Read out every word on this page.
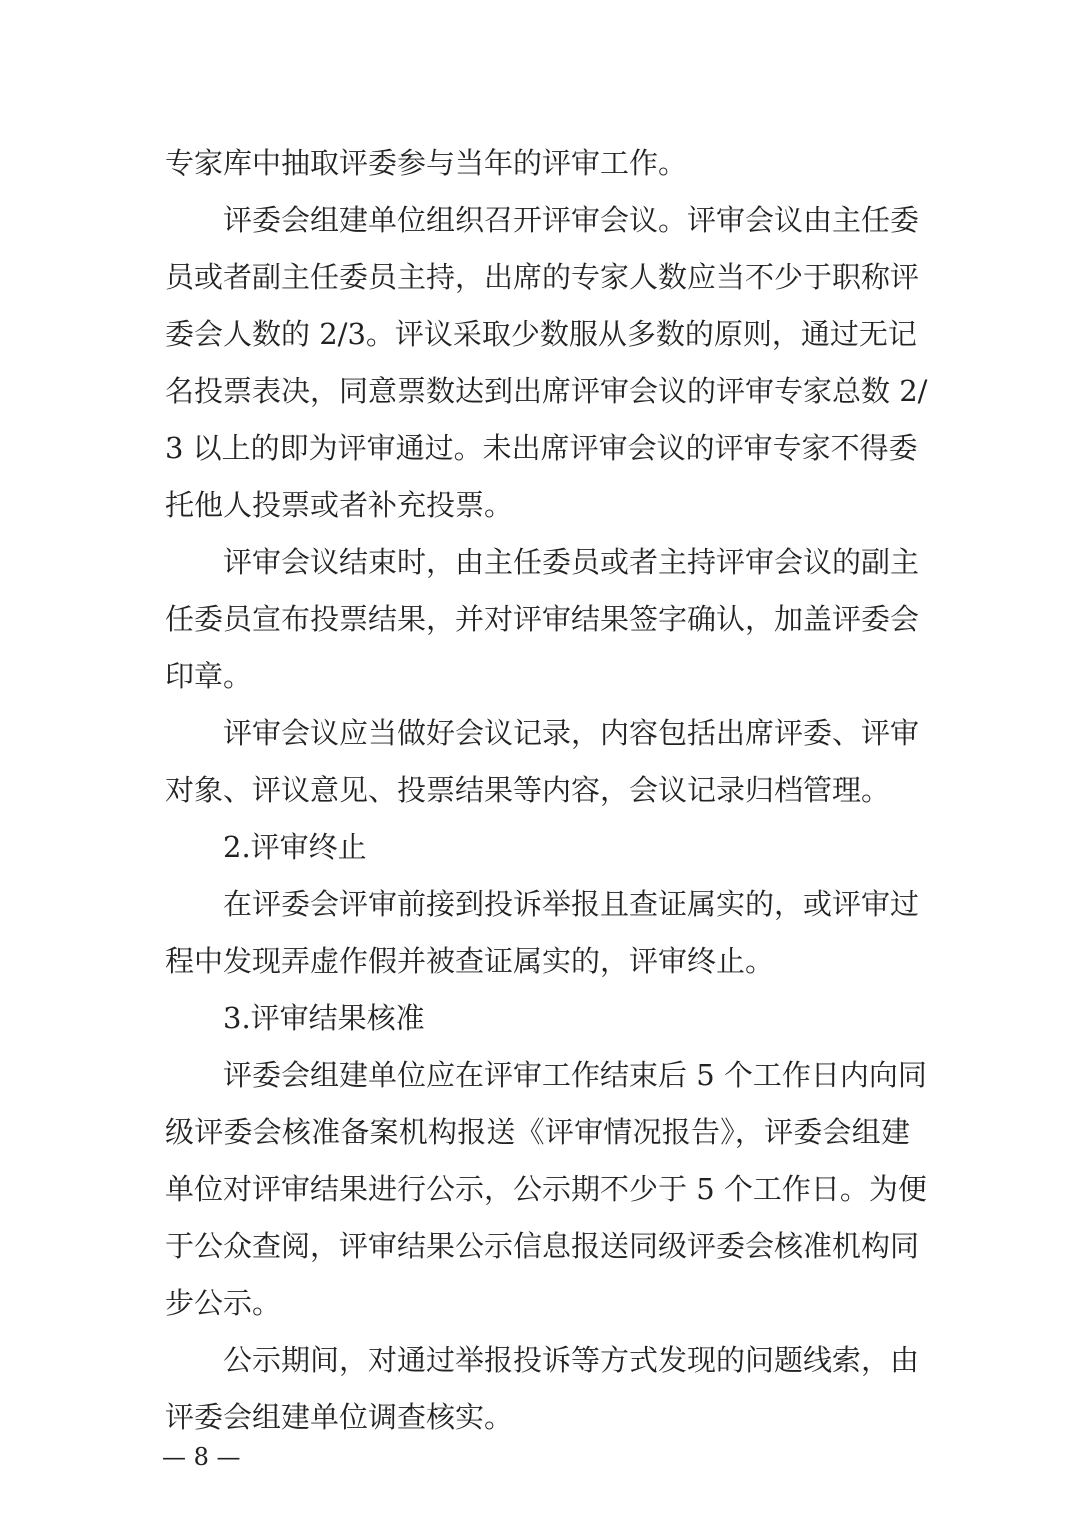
专家库中抽取评委参与当年的评审工作。
评委会组建单位组织召开评审会议。评审会议由主任委
员或者副主任委员主持，出席的专家人数应当不少于职称评
委会人数的 2/3。评议采取少数服从多数的原则，通过无记
名投票表决，同意票数达到出席评审会议的评审专家总数 2/
3 以上的即为评审通过。未出席评审会议的评审专家不得委
托他人投票或者补充投票。
评审会议结束时，由主任委员或者主持评审会议的副主
任委员宣布投票结果，并对评审结果签字确认，加盖评委会
印章。
评审会议应当做好会议记录，内容包括出席评委、评审
对象、评议意见、投票结果等内容，会议记录归档管理。
2.评审终止
在评委会评审前接到投诉举报且查证属实的，或评审过
程中发现弄虚作假并被查证属实的，评审终止。
3.评审结果核准
评委会组建单位应在评审工作结束后 5 个工作日内向同
级评委会核准备案机构报送《评审情况报告》，评委会组建
单位对评审结果进行公示，公示期不少于 5 个工作日。为便
于公众查阅，评审结果公示信息报送同级评委会核准机构同
步公示。
公示期间，对通过举报投诉等方式发现的问题线索，由
评委会组建单位调查核实。
— 8 —
